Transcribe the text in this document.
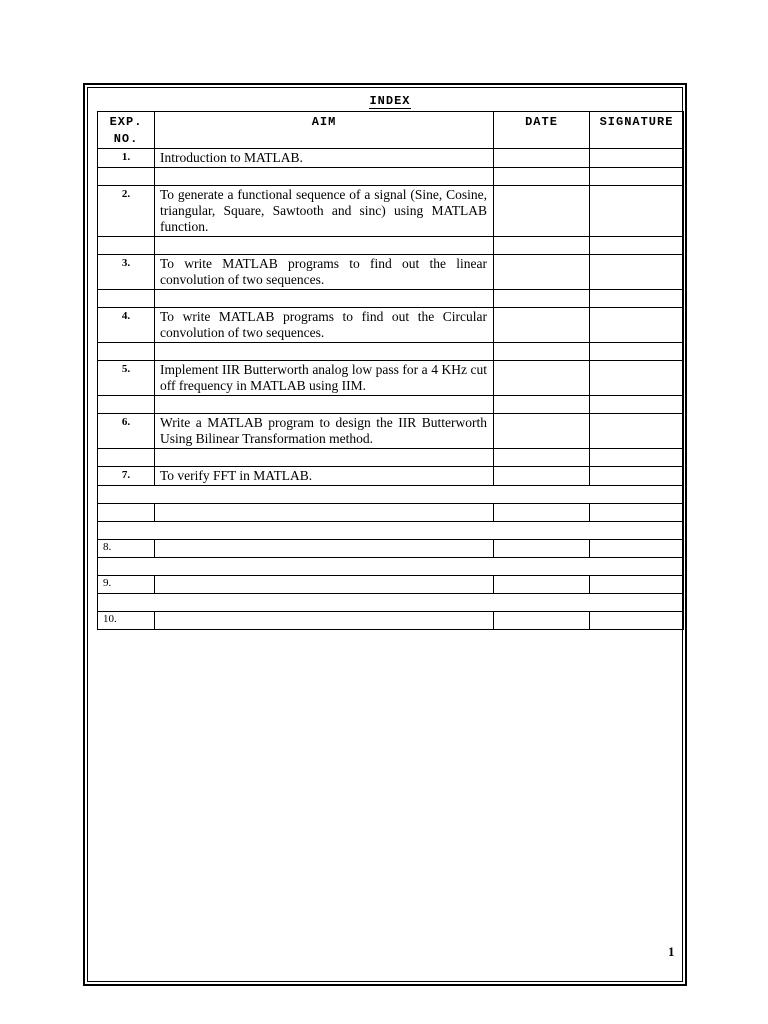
INDEX
EXP.
NO.	AIM	DATE	SIGNATURE
1.	Introduction to MATLAB.		

2.	To generate a functional sequence of a signal (Sine, Cosine, triangular, Square, Sawtooth and sinc) using MATLAB function.		

3.	To write MATLAB programs to find out the linear convolution of two sequences.		

4.	To write MATLAB programs to find out the Circular convolution of two sequences.		

5.	Implement IIR Butterworth analog low pass for a 4 KHz cut off frequency in MATLAB using IIM.		

6.	Write a MATLAB program to design the IIR Butterworth Using Bilinear Transformation method.		

7.	To verify FFT in MATLAB.		

8.			

9.			

10.			
1
